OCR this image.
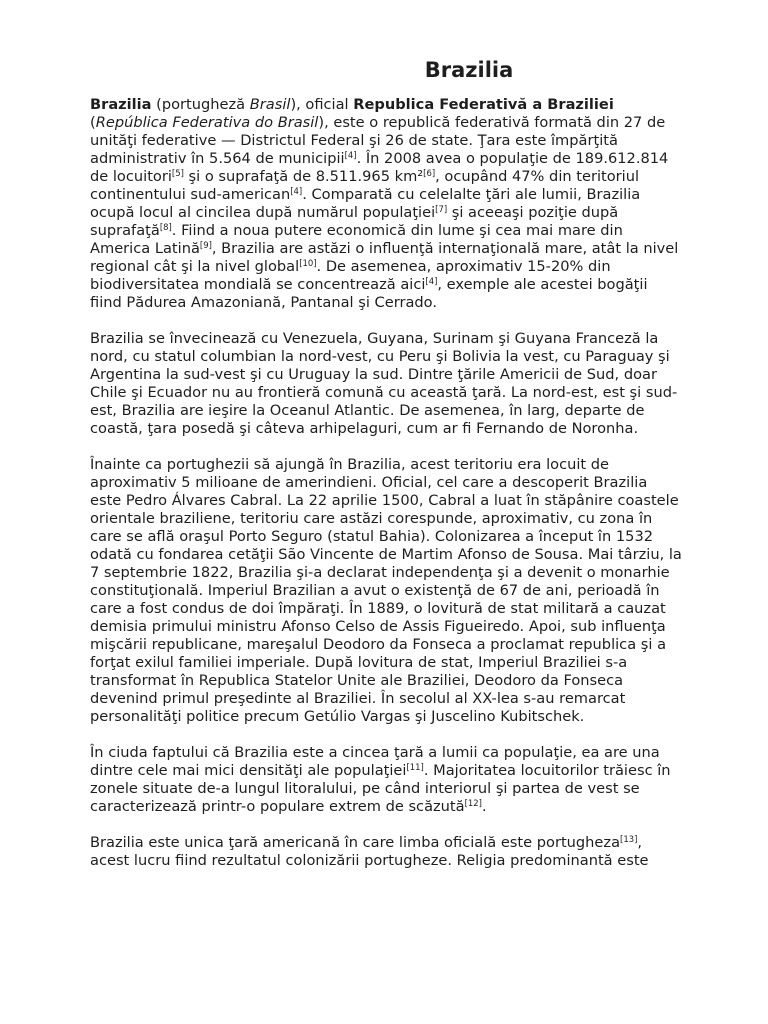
Brazilia

Brazilia (portugheză Brasil), oficial Republica Federativă a Braziliei (República Federativa do Brasil), este o republică federativă formată din 27 de unităţi federative — Districtul Federal şi 26 de state. Ţara este împărţită administrativ în 5.564 de municipii[4]. În 2008 avea o populaţie de 189.612.814 de locuitori[5] şi o suprafaţă de 8.511.965 km²[6], ocupând 47% din teritoriul continentului sud-american[4]. Comparată cu celelalte ţări ale lumii, Brazilia ocupă locul al cincilea după numărul populaţiei[7] şi aceeaşi poziţie după suprafaţă[8]. Fiind a noua putere economică din lume şi cea mai mare din America Latină[9], Brazilia are astăzi o influenţă internaţională mare, atât la nivel regional cât şi la nivel global[10]. De asemenea, aproximativ 15-20% din biodiversitatea mondială se concentrează aici[4], exemple ale acestei bogăţii fiind Pădurea Amazoniană, Pantanal şi Cerrado.

Brazilia se învecinează cu Venezuela, Guyana, Surinam şi Guyana Franceză la nord, cu statul columbian la nord-vest, cu Peru şi Bolivia la vest, cu Paraguay şi Argentina la sud-vest şi cu Uruguay la sud. Dintre ţările Americii de Sud, doar Chile şi Ecuador nu au frontieră comună cu această ţară. La nord-est, est şi sud-est, Brazilia are ieşire la Oceanul Atlantic. De asemenea, în larg, departe de coastă, ţara posedă şi câteva arhipelaguri, cum ar fi Fernando de Noronha.

Înainte ca portughezii să ajungă în Brazilia, acest teritoriu era locuit de aproximativ 5 milioane de amerindieni. Oficial, cel care a descoperit Brazilia este Pedro Álvares Cabral. La 22 aprilie 1500, Cabral a luat în stăpânire coastele orientale braziliene, teritoriu care astăzi corespunde, aproximativ, cu zona în care se află oraşul Porto Seguro (statul Bahia). Colonizarea a început în 1532 odată cu fondarea cetăţii São Vincente de Martim Afonso de Sousa. Mai târziu, la 7 septembrie 1822, Brazilia şi-a declarat independenţa şi a devenit o monarhie constituţională. Imperiul Brazilian a avut o existenţă de 67 de ani, perioadă în care a fost condus de doi împăraţi. În 1889, o lovitură de stat militară a cauzat demisia primului ministru Afonso Celso de Assis Figueiredo. Apoi, sub influenţa mişcării republicane, mareşalul Deodoro da Fonseca a proclamat republica şi a forţat exilul familiei imperiale. După lovitura de stat, Imperiul Braziliei s-a transformat în Republica Statelor Unite ale Braziliei, Deodoro da Fonseca devenind primul preşedinte al Braziliei. În secolul al XX-lea s-au remarcat personalităţi politice precum Getúlio Vargas şi Juscelino Kubitschek.

În ciuda faptului că Brazilia este a cincea ţară a lumii ca populaţie, ea are una dintre cele mai mici densităţi ale populaţiei[11]. Majoritatea locuitorilor trăiesc în zonele situate de-a lungul litoralului, pe când interiorul şi partea de vest se caracterizează printr-o populare extrem de scăzută[12].

Brazilia este unica ţară americană în care limba oficială este portugheza[13], acest lucru fiind rezultatul colonizării portugheze. Religia predominantă este
